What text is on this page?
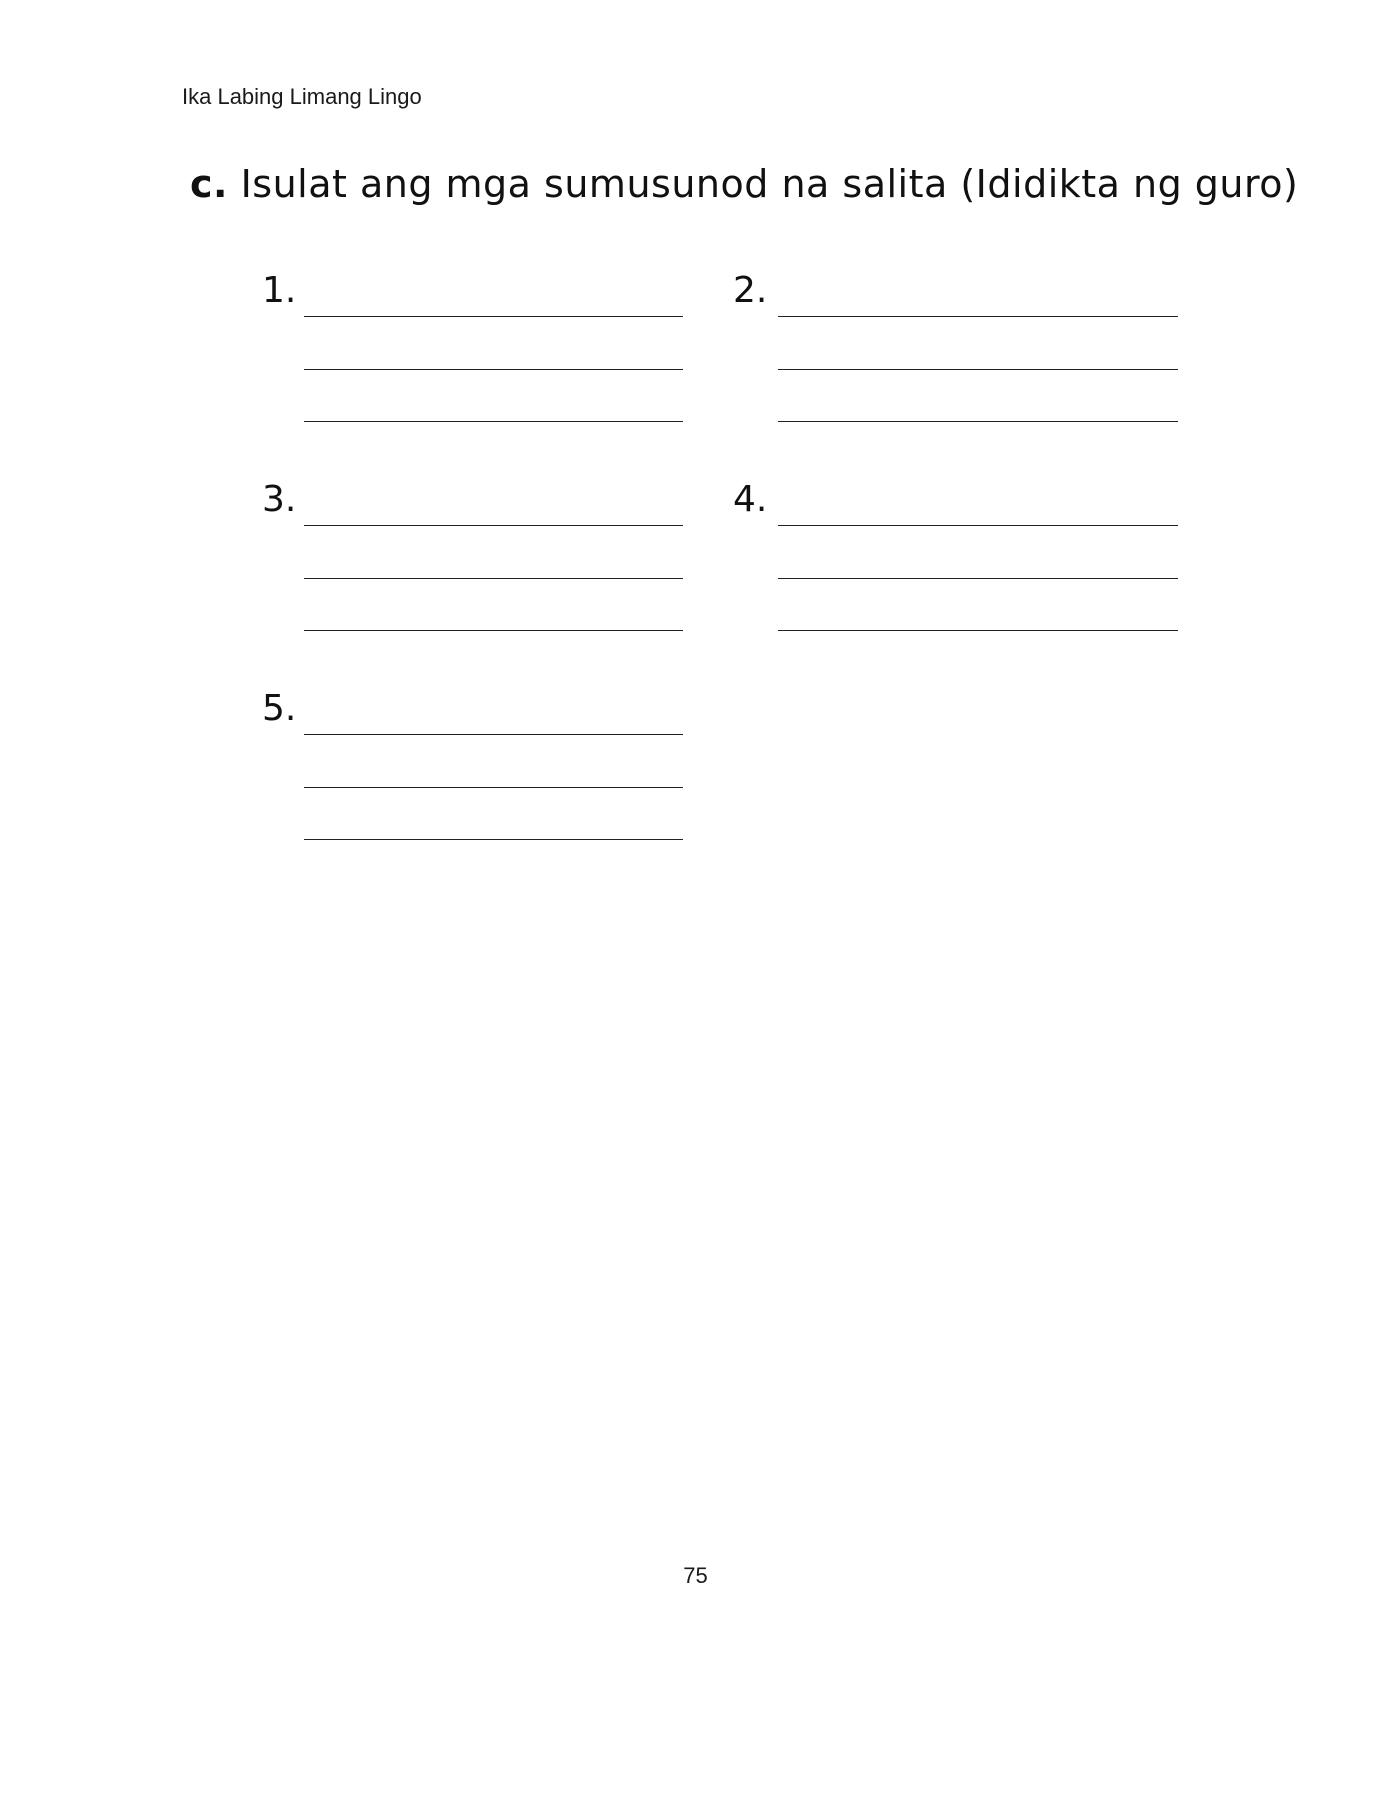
Ika Labing Limang Lingo
c. Isulat ang mga sumusunod na salita (Ididikta ng guro)
1.	2.
3.	4.
5.
75
